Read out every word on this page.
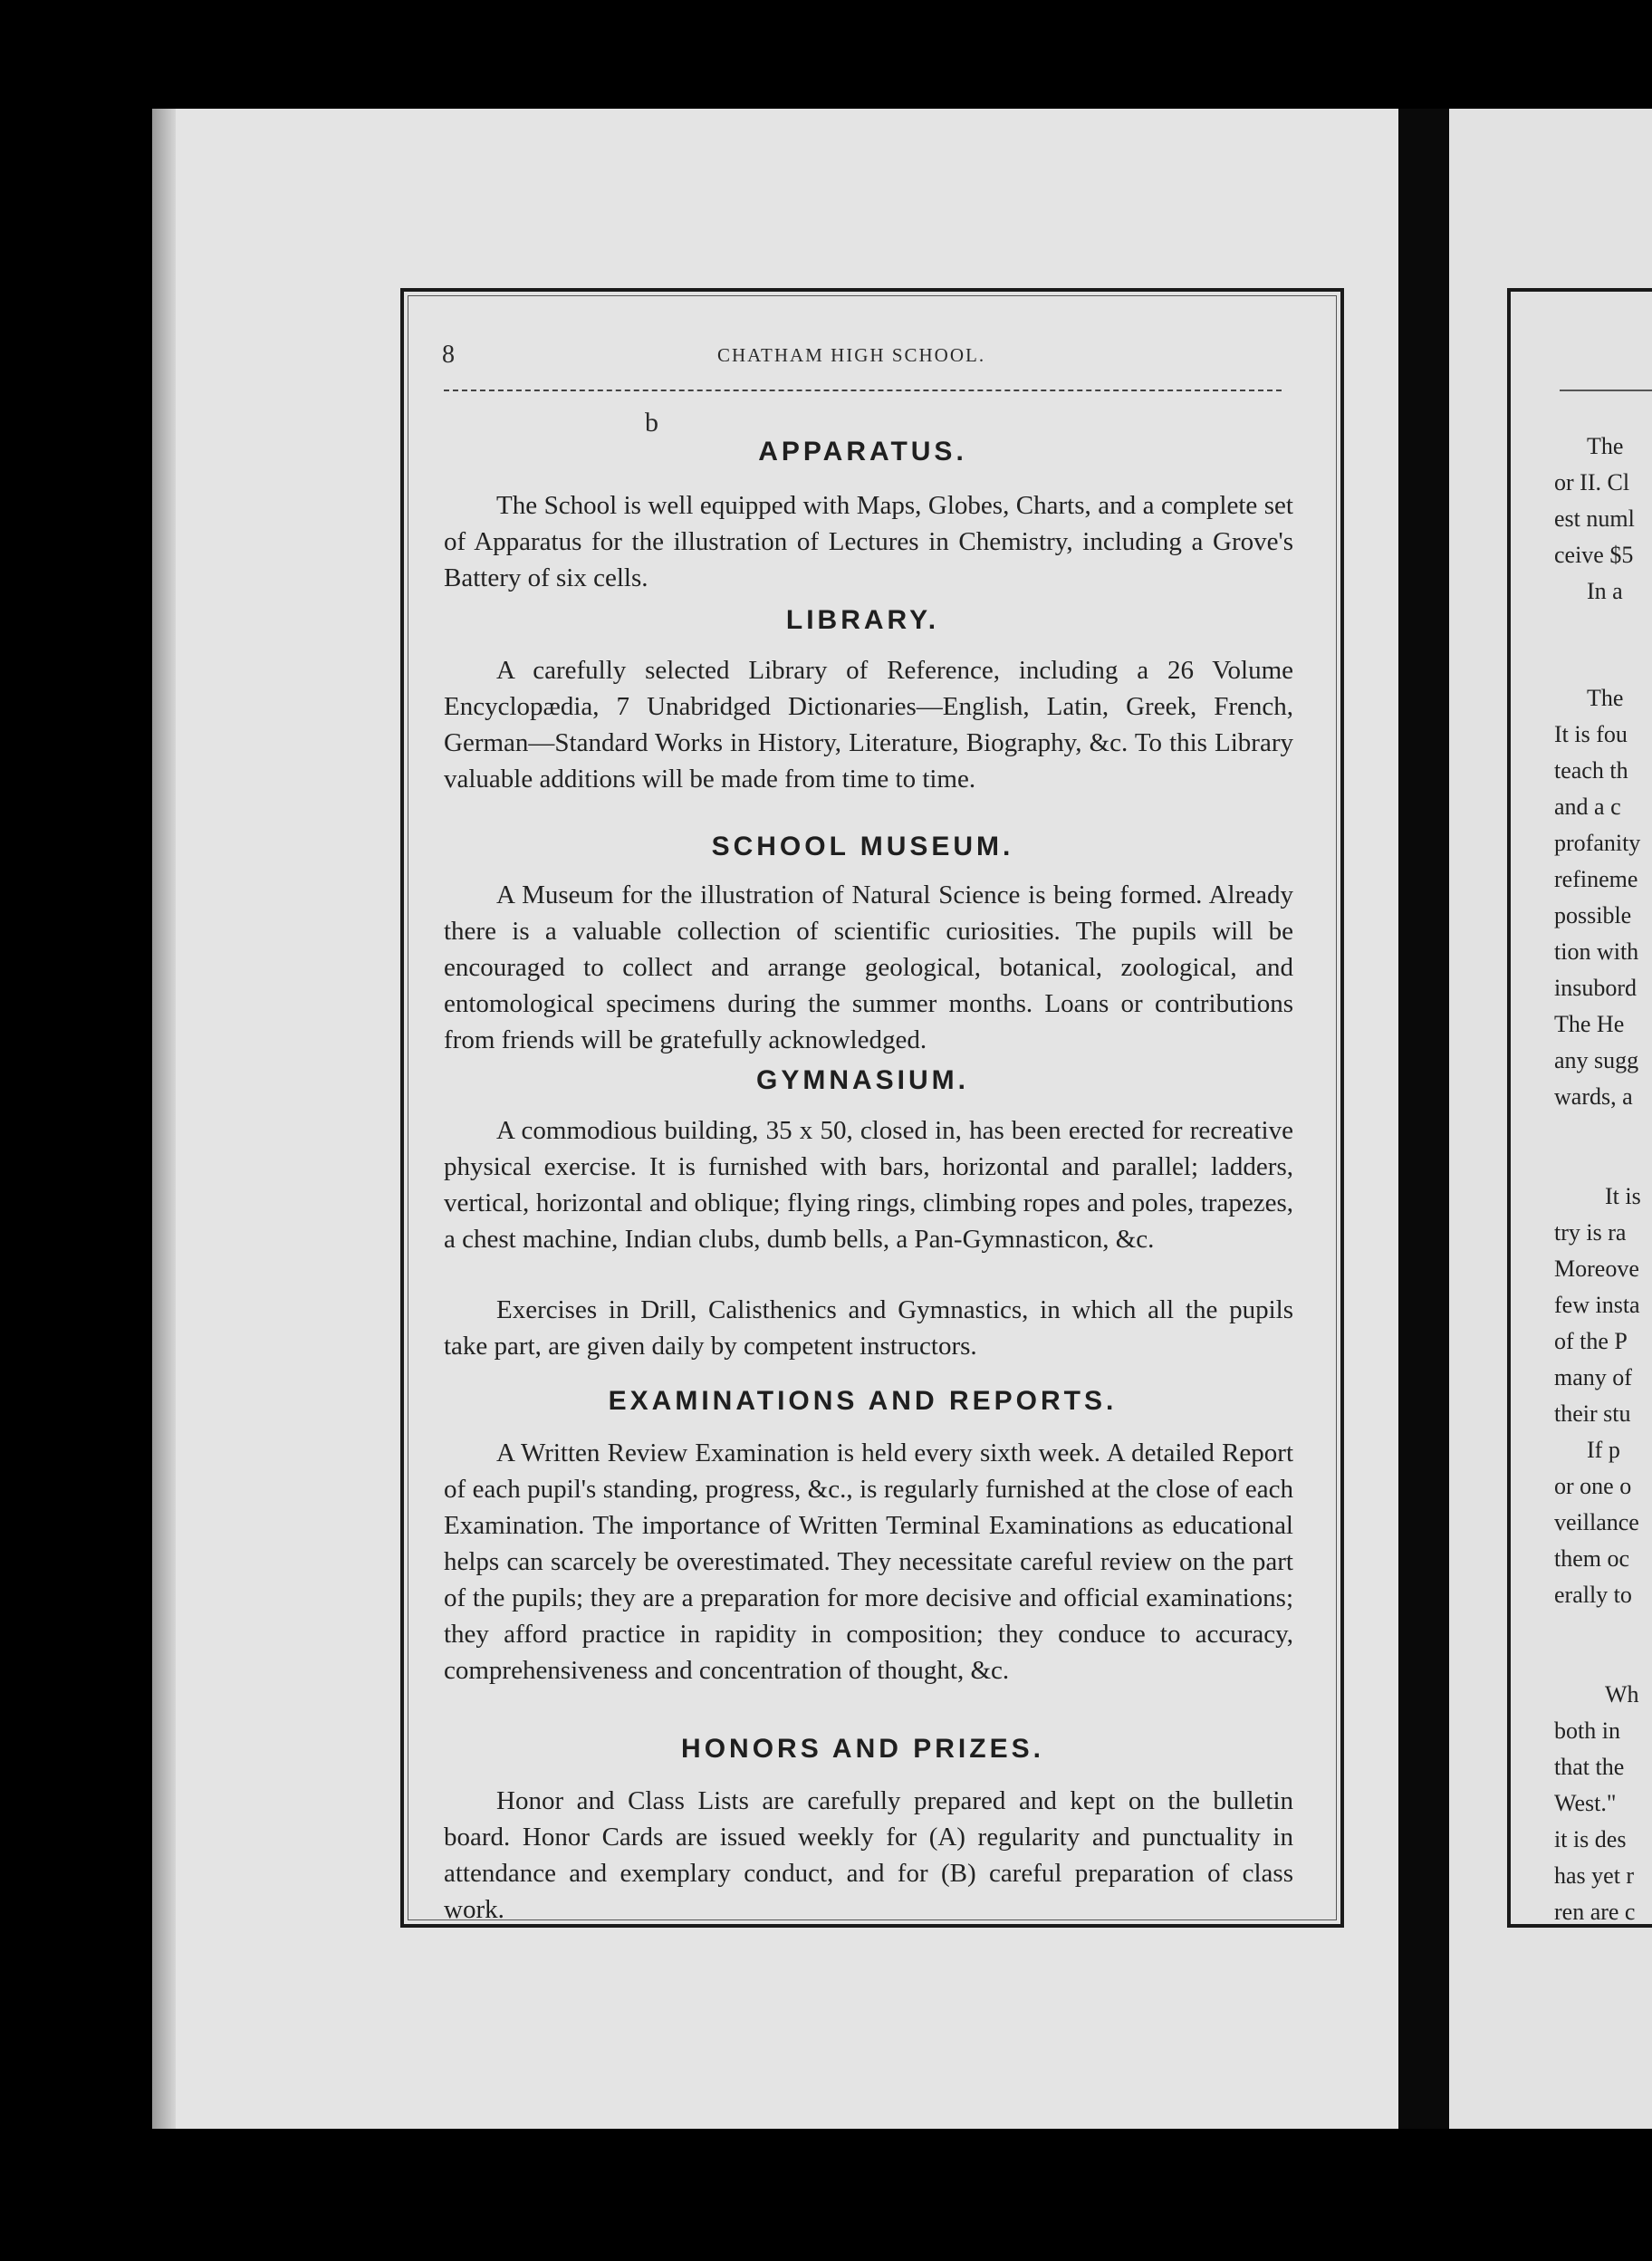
8	CHATHAM HIGH SCHOOL.
b
APPARATUS.

The School is well equipped with Maps, Globes, Charts, and a complete set of Apparatus for the illustration of Lectures in Chemistry, including a Grove's Battery of six cells.

LIBRARY.

A carefully selected Library of Reference, including a 26 Volume Encyclopædia, 7 Unabridged Dictionaries—English, Latin, Greek, French, German—Standard Works in History, Literature, Biography, &c. To this Library valuable additions will be made from time to time.

SCHOOL MUSEUM.

A Museum for the illustration of Natural Science is being formed. Already there is a valuable collection of scientific curiosities. The pupils will be encouraged to collect and arrange geological, botanical, zoological, and entomological specimens during the summer months. Loans or contributions from friends will be gratefully acknowledged.

GYMNASIUM.

A commodious building, 35 x 50, closed in, has been erected for recreative physical exercise. It is furnished with bars, horizontal and parallel; ladders, vertical, horizontal and oblique; flying rings, climbing ropes and poles, trapezes, a chest machine, Indian clubs, dumb bells, a Pan-Gymnasticon, &c.

Exercises in Drill, Calisthenics and Gymnastics, in which all the pupils take part, are given daily by competent instructors.

EXAMINATIONS AND REPORTS.

A Written Review Examination is held every sixth week. A detailed Report of each pupil's standing, progress, &c., is regularly furnished at the close of each Examination. The importance of Written Terminal Examinations as educational helps can scarcely be overestimated. They necessitate careful review on the part of the pupils; they are a preparation for more decisive and official examinations; they afford practice in rapidity in composition; they conduce to accuracy, comprehensiveness and concentration of thought, &c.

HONORS AND PRIZES.

Honor and Class Lists are carefully prepared and kept on the bulletin board. Honor Cards are issued weekly for (A) regularity and punctuality in attendance and exemplary conduct, and for (B) careful preparation of class work.

The
or II. Cl
est numl
ceive $5
In a
The
It is fou
teach th
and a c
profanity
refineme
possible
tion with
insubord
The He
any sugg
wards, a
It is
try is ra
Moreove
few insta
of the P
many of
their stu
If p
or one o
veillance
them oc
erally to
Wh
both in
that the
West."
it is des
has yet r
ren are c
